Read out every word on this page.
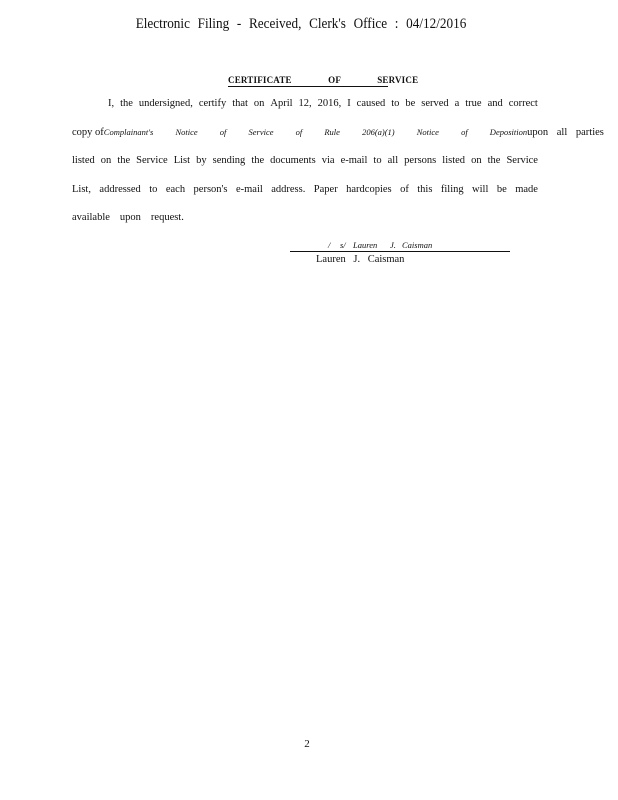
Electronic Filing - Received, Clerk's Office : 04/12/2016
CERTIFICATE OF SERVICE
I, the undersigned, certify that on April 12, 2016, I caused to be served a true and correct
copy of Complainant's Notice of Service of Rule 206(a)(1) Notice of Deposition upon all parties
listed on the Service List by sending the documents via e-mail to all persons listed on the Service
List, addressed to each person's e-mail address. Paper hardcopies of this filing will be made
available upon request.
/ s/ Lauren J. Caisman
Lauren J. Caisman
2
